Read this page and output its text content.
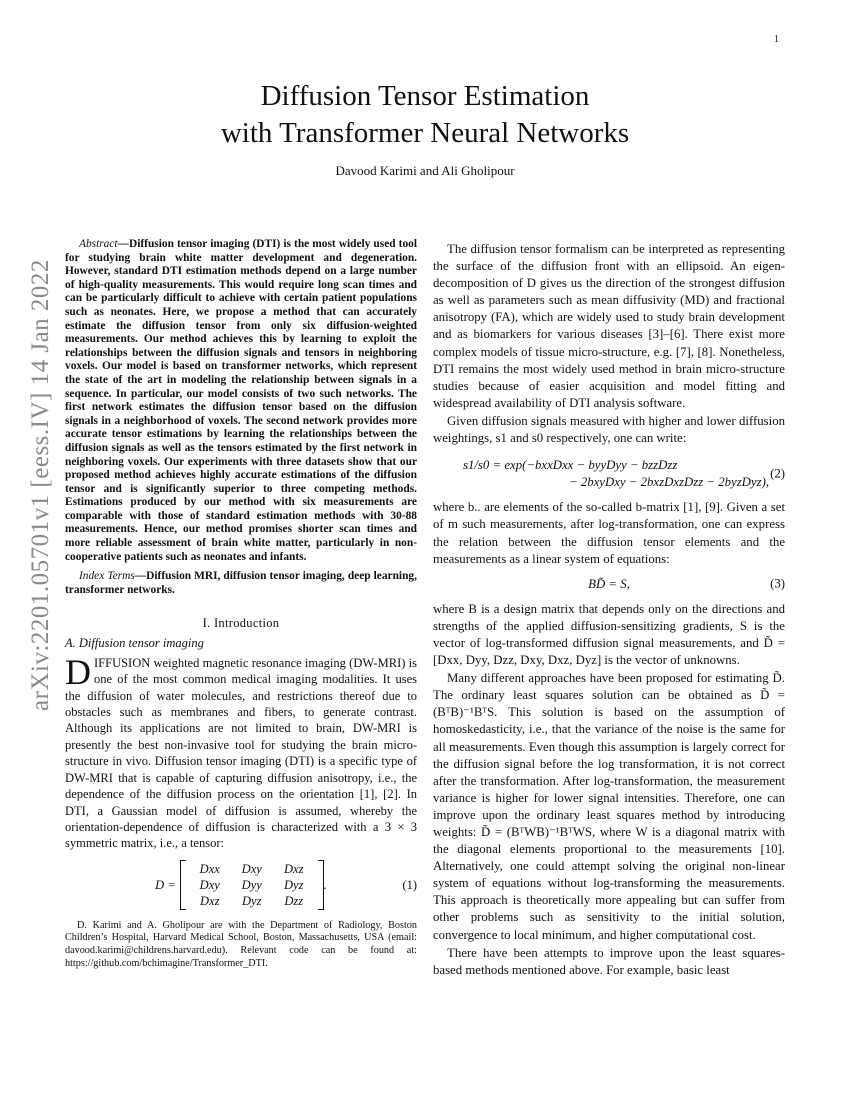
1
arXiv:2201.05701v1 [eess.IV] 14 Jan 2022
Diffusion Tensor Estimation
with Transformer Neural Networks
Davood Karimi and Ali Gholipour

Abstract—Diffusion tensor imaging (DTI) is the most widely used tool for studying brain white matter development and degeneration. However, standard DTI estimation methods depend on a large number of high-quality measurements. This would require long scan times and can be particularly difficult to achieve with certain patient populations such as neonates. Here, we propose a method that can accurately estimate the diffusion tensor from only six diffusion-weighted measurements. Our method achieves this by learning to exploit the relationships between the diffusion signals and tensors in neighboring voxels. Our model is based on transformer networks, which represent the state of the art in modeling the relationship between signals in a sequence. In particular, our model consists of two such networks. The first network estimates the diffusion tensor based on the diffusion signals in a neighborhood of voxels. The second network provides more accurate tensor estimations by learning the relationships between the diffusion signals as well as the tensors estimated by the first network in neighboring voxels. Our experiments with three datasets show that our proposed method achieves highly accurate estimations of the diffusion tensor and is significantly superior to three competing methods. Estimations produced by our method with six measurements are comparable with those of standard estimation methods with 30-88 measurements. Hence, our method promises shorter scan times and more reliable assessment of brain white matter, particularly in non-cooperative patients such as neonates and infants.

Index Terms—Diffusion MRI, diffusion tensor imaging, deep learning, transformer networks.

I. Introduction
A. Diffusion tensor imaging

DIFFUSION weighted magnetic resonance imaging (DW-MRI) is one of the most common medical imaging modalities. It uses the diffusion of water molecules, and restrictions thereof due to obstacles such as membranes and fibers, to generate contrast. Although its applications are not limited to brain, DW-MRI is presently the best non-invasive tool for studying the brain micro-structure in vivo. Diffusion tensor imaging (DTI) is a specific type of DW-MRI that is capable of capturing diffusion anisotropy, i.e., the dependence of the diffusion process on the orientation [1], [2]. In DTI, a Gaussian model of diffusion is assumed, whereby the orientation-dependence of diffusion is characterized with a 3 × 3 symmetric matrix, i.e., a tensor:

D =
Dxx	Dxy	Dxz
Dxy	Dyy	Dyz
Dxz	Dyz	Dzz
.	(1)

D. Karimi and A. Gholipour are with the Department of Radiology, Boston Children’s Hospital, Harvard Medical School, Boston, Massachusetts, USA (email: davood.karimi@childrens.harvard.edu). Relevant code can be found at: https://github.com/bchimagine/Transformer_DTI.

The diffusion tensor formalism can be interpreted as representing the surface of the diffusion front with an ellipsoid. An eigen-decomposition of D gives us the direction of the strongest diffusion as well as parameters such as mean diffusivity (MD) and fractional anisotropy (FA), which are widely used to study brain development and as biomarkers for various diseases [3]–[6]. There exist more complex models of tissue micro-structure, e.g. [7], [8]. Nonetheless, DTI remains the most widely used method in brain micro-structure studies because of easier acquisition and model fitting and widespread availability of DTI analysis software.

Given diffusion signals measured with higher and lower diffusion weightings, s1 and s0 respectively, one can write:

s1/s0 = exp(−bxxDxx − byyDyy − bzzDzz
− 2bxyDxy − 2bxzDxzDzz − 2byzDyz),
(2)

where b.. are elements of the so-called b-matrix [1], [9]. Given a set of m such measurements, after log-transformation, one can express the relation between the diffusion tensor elements and the measurements as a linear system of equations:

BD̃ = S,	(3)

where B is a design matrix that depends only on the directions and strengths of the applied diffusion-sensitizing gradients, S is the vector of log-transformed diffusion signal measurements, and D̃ = [Dxx, Dyy, Dzz, Dxy, Dxz, Dyz] is the vector of unknowns.

Many different approaches have been proposed for estimating D̃. The ordinary least squares solution can be obtained as D̃ = (BᵀB)⁻¹BᵀS. This solution is based on the assumption of homoskedasticity, i.e., that the variance of the noise is the same for all measurements. Even though this assumption is largely correct for the diffusion signal before the log transformation, it is not correct after the transformation. After log-transformation, the measurement variance is higher for lower signal intensities. Therefore, one can improve upon the ordinary least squares method by introducing weights: D̃ = (BᵀWB)⁻¹BᵀWS, where W is a diagonal matrix with the diagonal elements proportional to the measurements [10]. Alternatively, one could attempt solving the original non-linear system of equations without log-transforming the measurements. This approach is theoretically more appealing but can suffer from other problems such as sensitivity to the initial solution, convergence to local minimum, and higher computational cost.

There have been attempts to improve upon the least squares-based methods mentioned above. For example, basic least
